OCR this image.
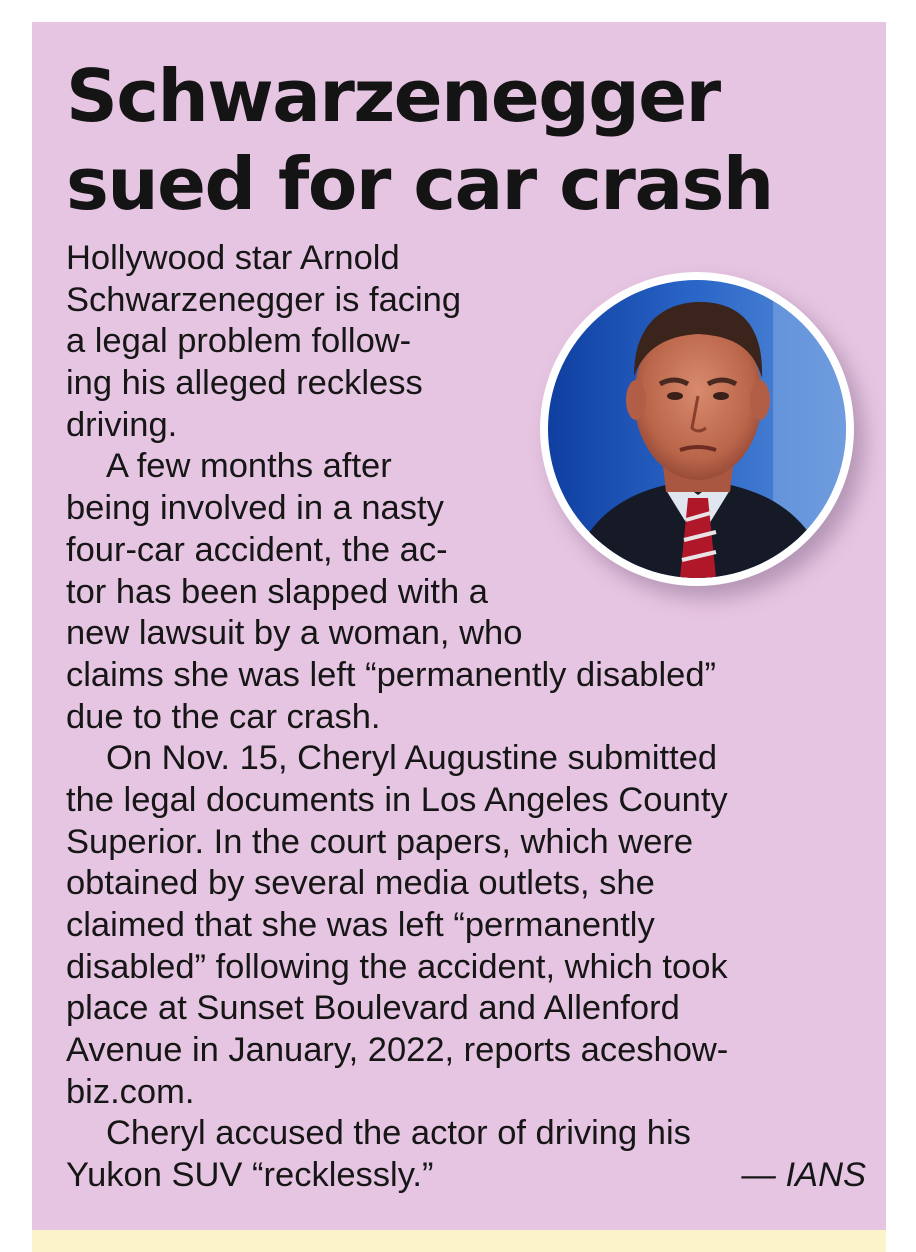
Schwarzenegger
sued for car crash
Hollywood star Arnold
Schwarzenegger is facing
a legal problem follow-
ing his alleged reckless
driving.
A few months after
being involved in a nasty
four-car accident, the ac-
tor has been slapped with a
new lawsuit by a woman, who
claims she was left “permanently disabled”
due to the car crash.
On Nov. 15, Cheryl Augustine submitted
the legal documents in Los Angeles County
Superior. In the court papers, which were
obtained by several media outlets, she
claimed that she was left “permanently
disabled” following the accident, which took
place at Sunset Boulevard and Allenford
Avenue in January, 2022, reports aceshow-
biz.com.
Cheryl accused the actor of driving his
Yukon SUV “recklessly.”	— IANS
